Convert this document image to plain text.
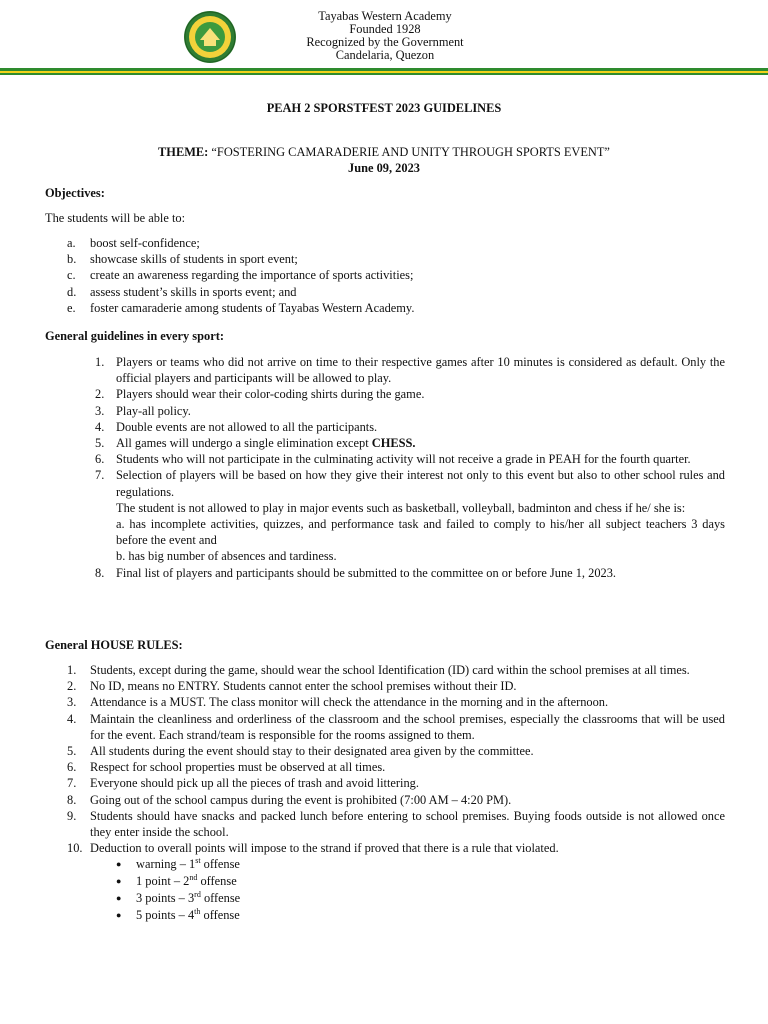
Tayabas Western Academy
Founded 1928
Recognized by the Government
Candelaria, Quezon
PEAH 2 SPORSTFEST 2023 GUIDELINES
THEME: “FOSTERING CAMARADERIE AND UNITY THROUGH SPORTS EVENT”
June 09, 2023
Objectives:
The students will be able to:
a. boost self-confidence;
b. showcase skills of students in sport event;
c. create an awareness regarding the importance of sports activities;
d. assess student’s skills in sports event; and
e. foster camaraderie among students of Tayabas Western Academy.
General guidelines in every sport:
1. Players or teams who did not arrive on time to their respective games after 10 minutes is considered as default. Only the official players and participants will be allowed to play.
2. Players should wear their color-coding shirts during the game.
3. Play-all policy.
4. Double events are not allowed to all the participants.
5. All games will undergo a single elimination except CHESS.
6. Students who will not participate in the culminating activity will not receive a grade in PEAH for the fourth quarter.
7. Selection of players will be based on how they give their interest not only to this event but also to other school rules and regulations.
The student is not allowed to play in major events such as basketball, volleyball, badminton and chess if he/ she is:
a. has incomplete activities, quizzes, and performance task and failed to comply to his/her all subject teachers 3 days before the event and
b. has big number of absences and tardiness.
8. Final list of players and participants should be submitted to the committee on or before June 1, 2023.
General HOUSE RULES:
1. Students, except during the game, should wear the school Identification (ID) card within the school premises at all times.
2. No ID, means no ENTRY. Students cannot enter the school premises without their ID.
3. Attendance is a MUST. The class monitor will check the attendance in the morning and in the afternoon.
4. Maintain the cleanliness and orderliness of the classroom and the school premises, especially the classrooms that will be used for the event. Each strand/team is responsible for the rooms assigned to them.
5. All students during the event should stay to their designated area given by the committee.
6. Respect for school properties must be observed at all times.
7. Everyone should pick up all the pieces of trash and avoid littering.
8. Going out of the school campus during the event is prohibited (7:00 AM – 4:20 PM).
9. Students should have snacks and packed lunch before entering to school premises. Buying foods outside is not allowed once they enter inside the school.
10. Deduction to overall points will impose to the strand if proved that there is a rule that violated.
● warning – 1st offense
● 1 point – 2nd offense
● 3 points – 3rd offense
● 5 points – 4th offense
